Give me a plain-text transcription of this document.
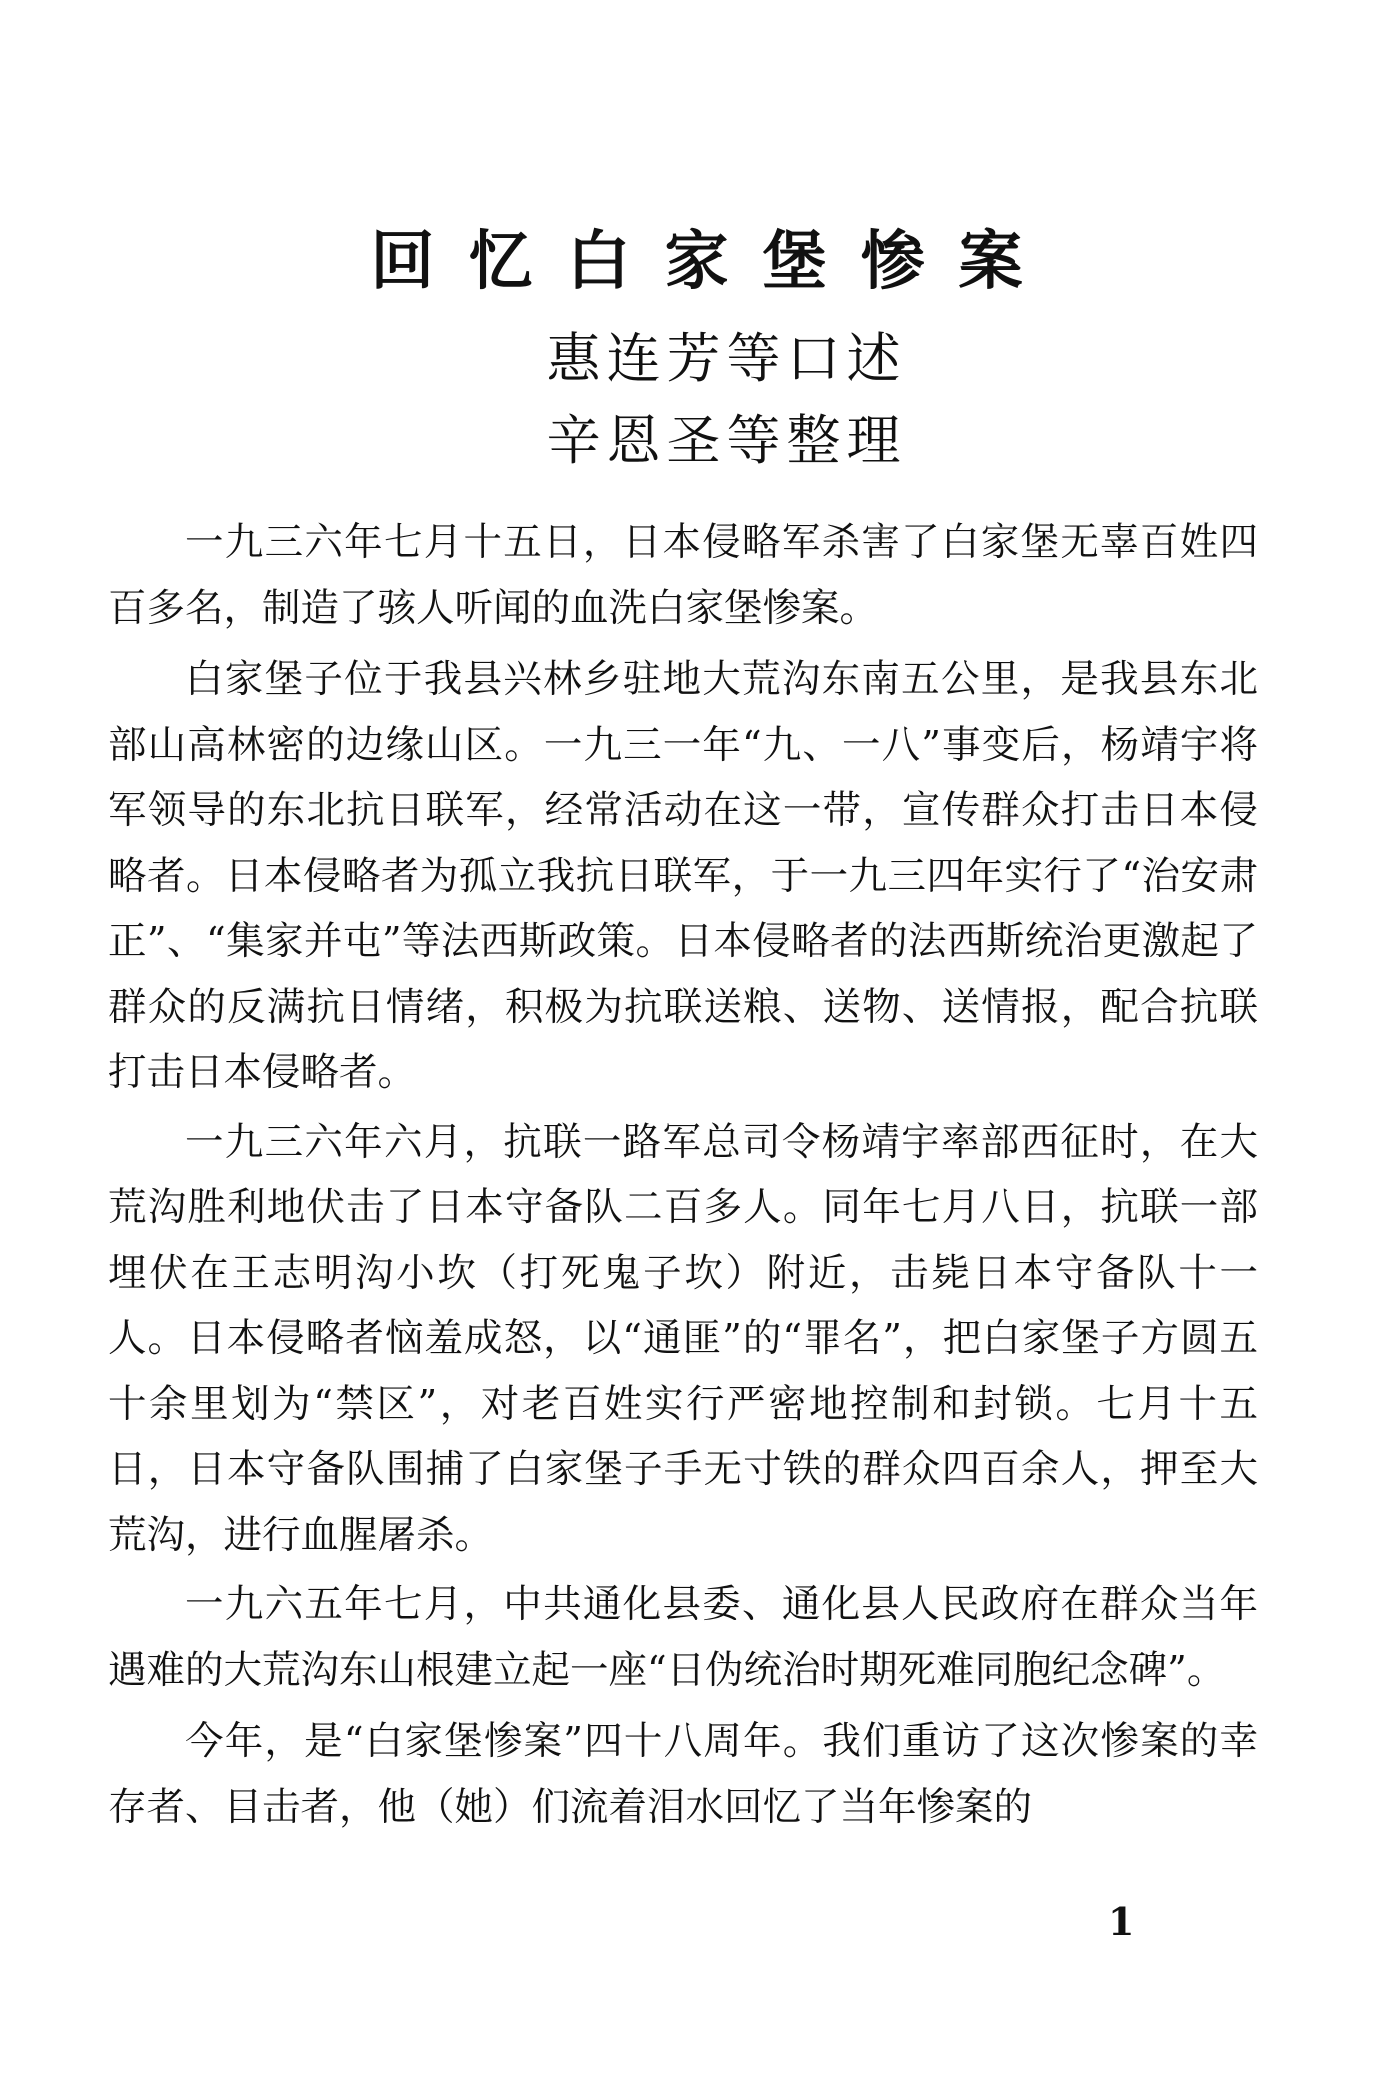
回忆白家堡惨案
惠连芳等口述
辛恩圣等整理

一九三六年七月十五日，日本侵略军杀害了白家堡无辜百姓四百多名，制造了骇人听闻的血洗白家堡惨案。

白家堡子位于我县兴林乡驻地大荒沟东南五公里，是我县东北部山高林密的边缘山区。一九三一年“九、一八”事变后，杨靖宇将军领导的东北抗日联军，经常活动在这一带，宣传群众打击日本侵略者。日本侵略者为孤立我抗日联军，于一九三四年实行了“治安肃正”、“集家并屯”等法西斯政策。日本侵略者的法西斯统治更激起了群众的反满抗日情绪，积极为抗联送粮、送物、送情报，配合抗联打击日本侵略者。

一九三六年六月，抗联一路军总司令杨靖宇率部西征时，在大荒沟胜利地伏击了日本守备队二百多人。同年七月八日，抗联一部埋伏在王志明沟小坎（打死鬼子坎）附近，击毙日本守备队十一人。日本侵略者恼羞成怒，以“通匪”的“罪名”，把白家堡子方圆五十余里划为“禁区”，对老百姓实行严密地控制和封锁。七月十五日，日本守备队围捕了白家堡子手无寸铁的群众四百余人，押至大荒沟，进行血腥屠杀。

一九六五年七月，中共通化县委、通化县人民政府在群众当年遇难的大荒沟东山根建立起一座“日伪统治时期死难同胞纪念碑”。

今年，是“白家堡惨案”四十八周年。我们重访了这次惨案的幸存者、目击者，他（她）们流着泪水回忆了当年惨案的

1
